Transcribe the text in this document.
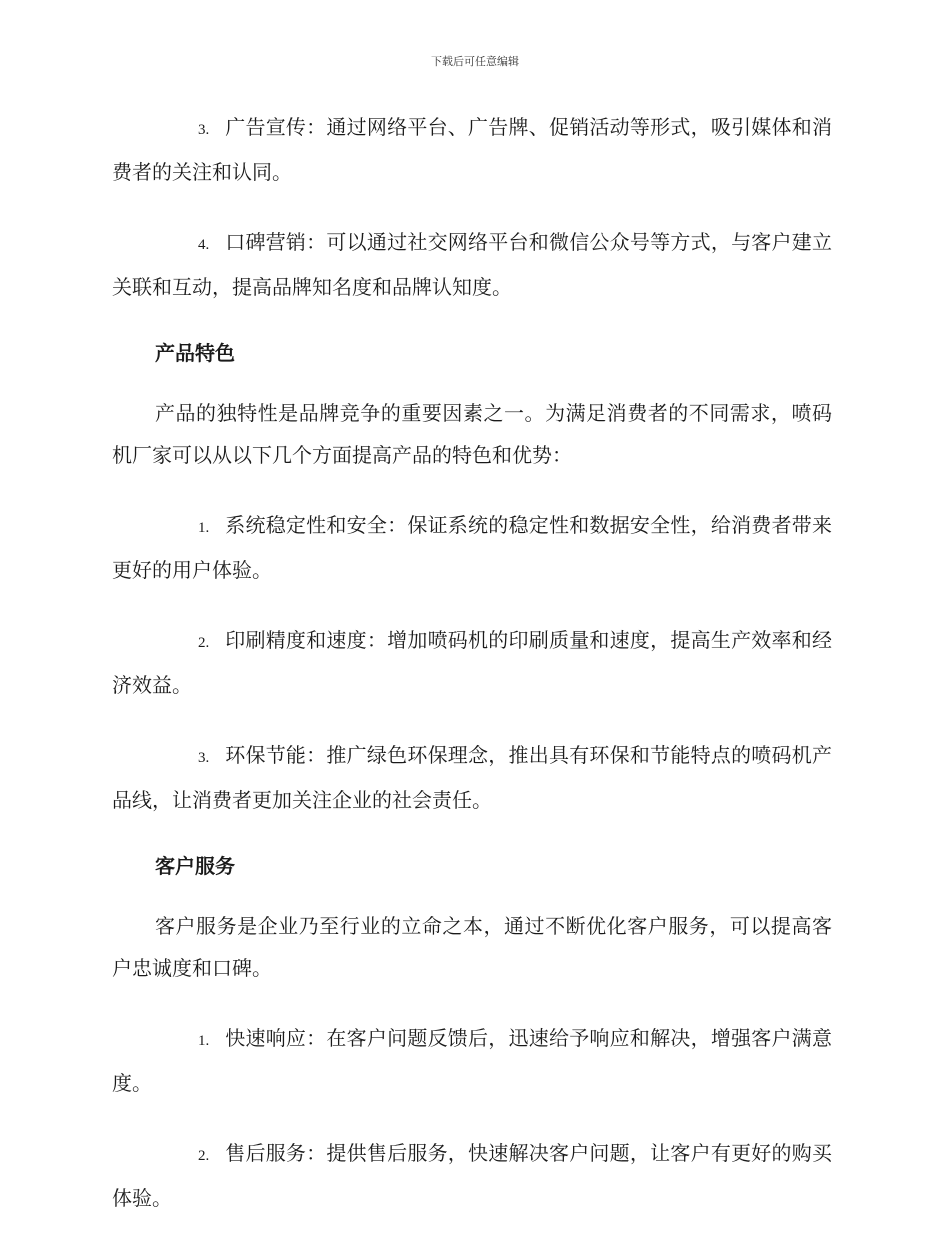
下载后可任意编辑

3. 广告宣传：通过网络平台、广告牌、促销活动等形式，吸引媒体和消费者的关注和认同。

4. 口碑营销：可以通过社交网络平台和微信公众号等方式，与客户建立关联和互动，提高品牌知名度和品牌认知度。

产品特色

产品的独特性是品牌竞争的重要因素之一。为满足消费者的不同需求，喷码机厂家可以从以下几个方面提高产品的特色和优势：

1. 系统稳定性和安全：保证系统的稳定性和数据安全性，给消费者带来更好的用户体验。

2. 印刷精度和速度：增加喷码机的印刷质量和速度，提高生产效率和经济效益。

3. 环保节能：推广绿色环保理念，推出具有环保和节能特点的喷码机产品线，让消费者更加关注企业的社会责任。

客户服务

客户服务是企业乃至行业的立命之本，通过不断优化客户服务，可以提高客户忠诚度和口碑。

1. 快速响应：在客户问题反馈后，迅速给予响应和解决，增强客户满意度。

2. 售后服务：提供售后服务，快速解决客户问题，让客户有更好的购买体验。
